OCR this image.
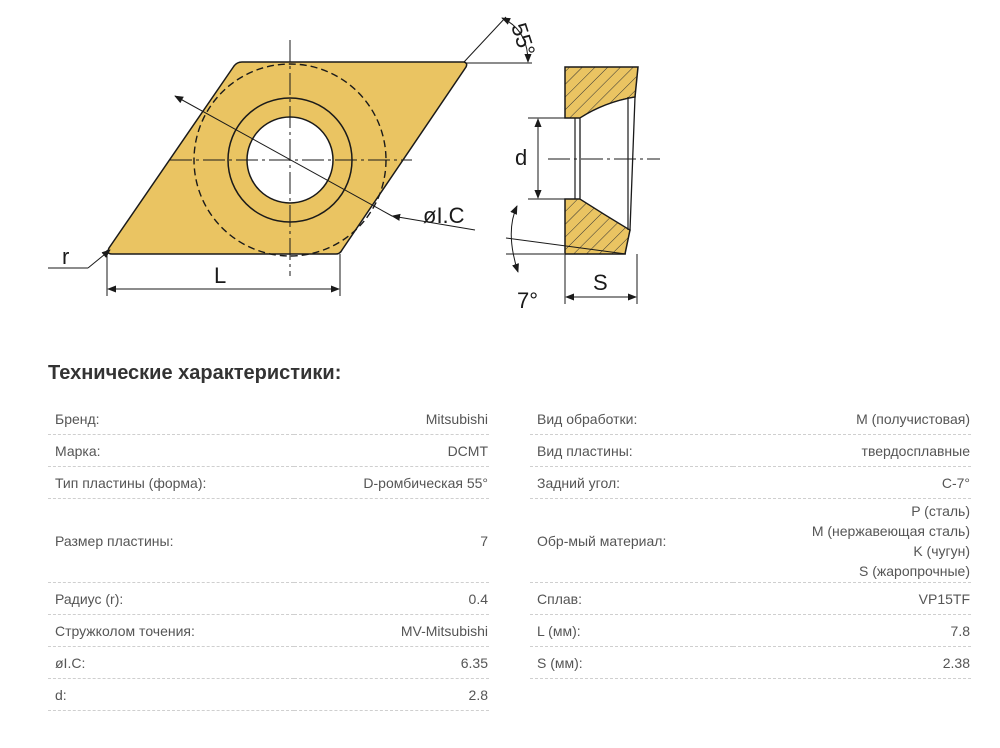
øI.C
55°
r
L
d
7°
S
Технические характеристики:
Бренд:	Mitsubishi
Марка:	DCMT
Тип пластины (форма):	D-ромбическая 55°
Размер пластины:	7
Радиус (r):	0.4
Стружколом точения:	MV-Mitsubishi
øI.C:	6.35
d:	2.8
Вид обработки:	M (получистовая)
Вид пластины:	твердосплавные
Задний угол:	C-7°
Обр-мый материал:	P (сталь)
M (нержавеющая сталь)
K (чугун)
S (жаропрочные)

Сплав:	VP15TF
L (мм):	7.8
S (мм):	2.38
